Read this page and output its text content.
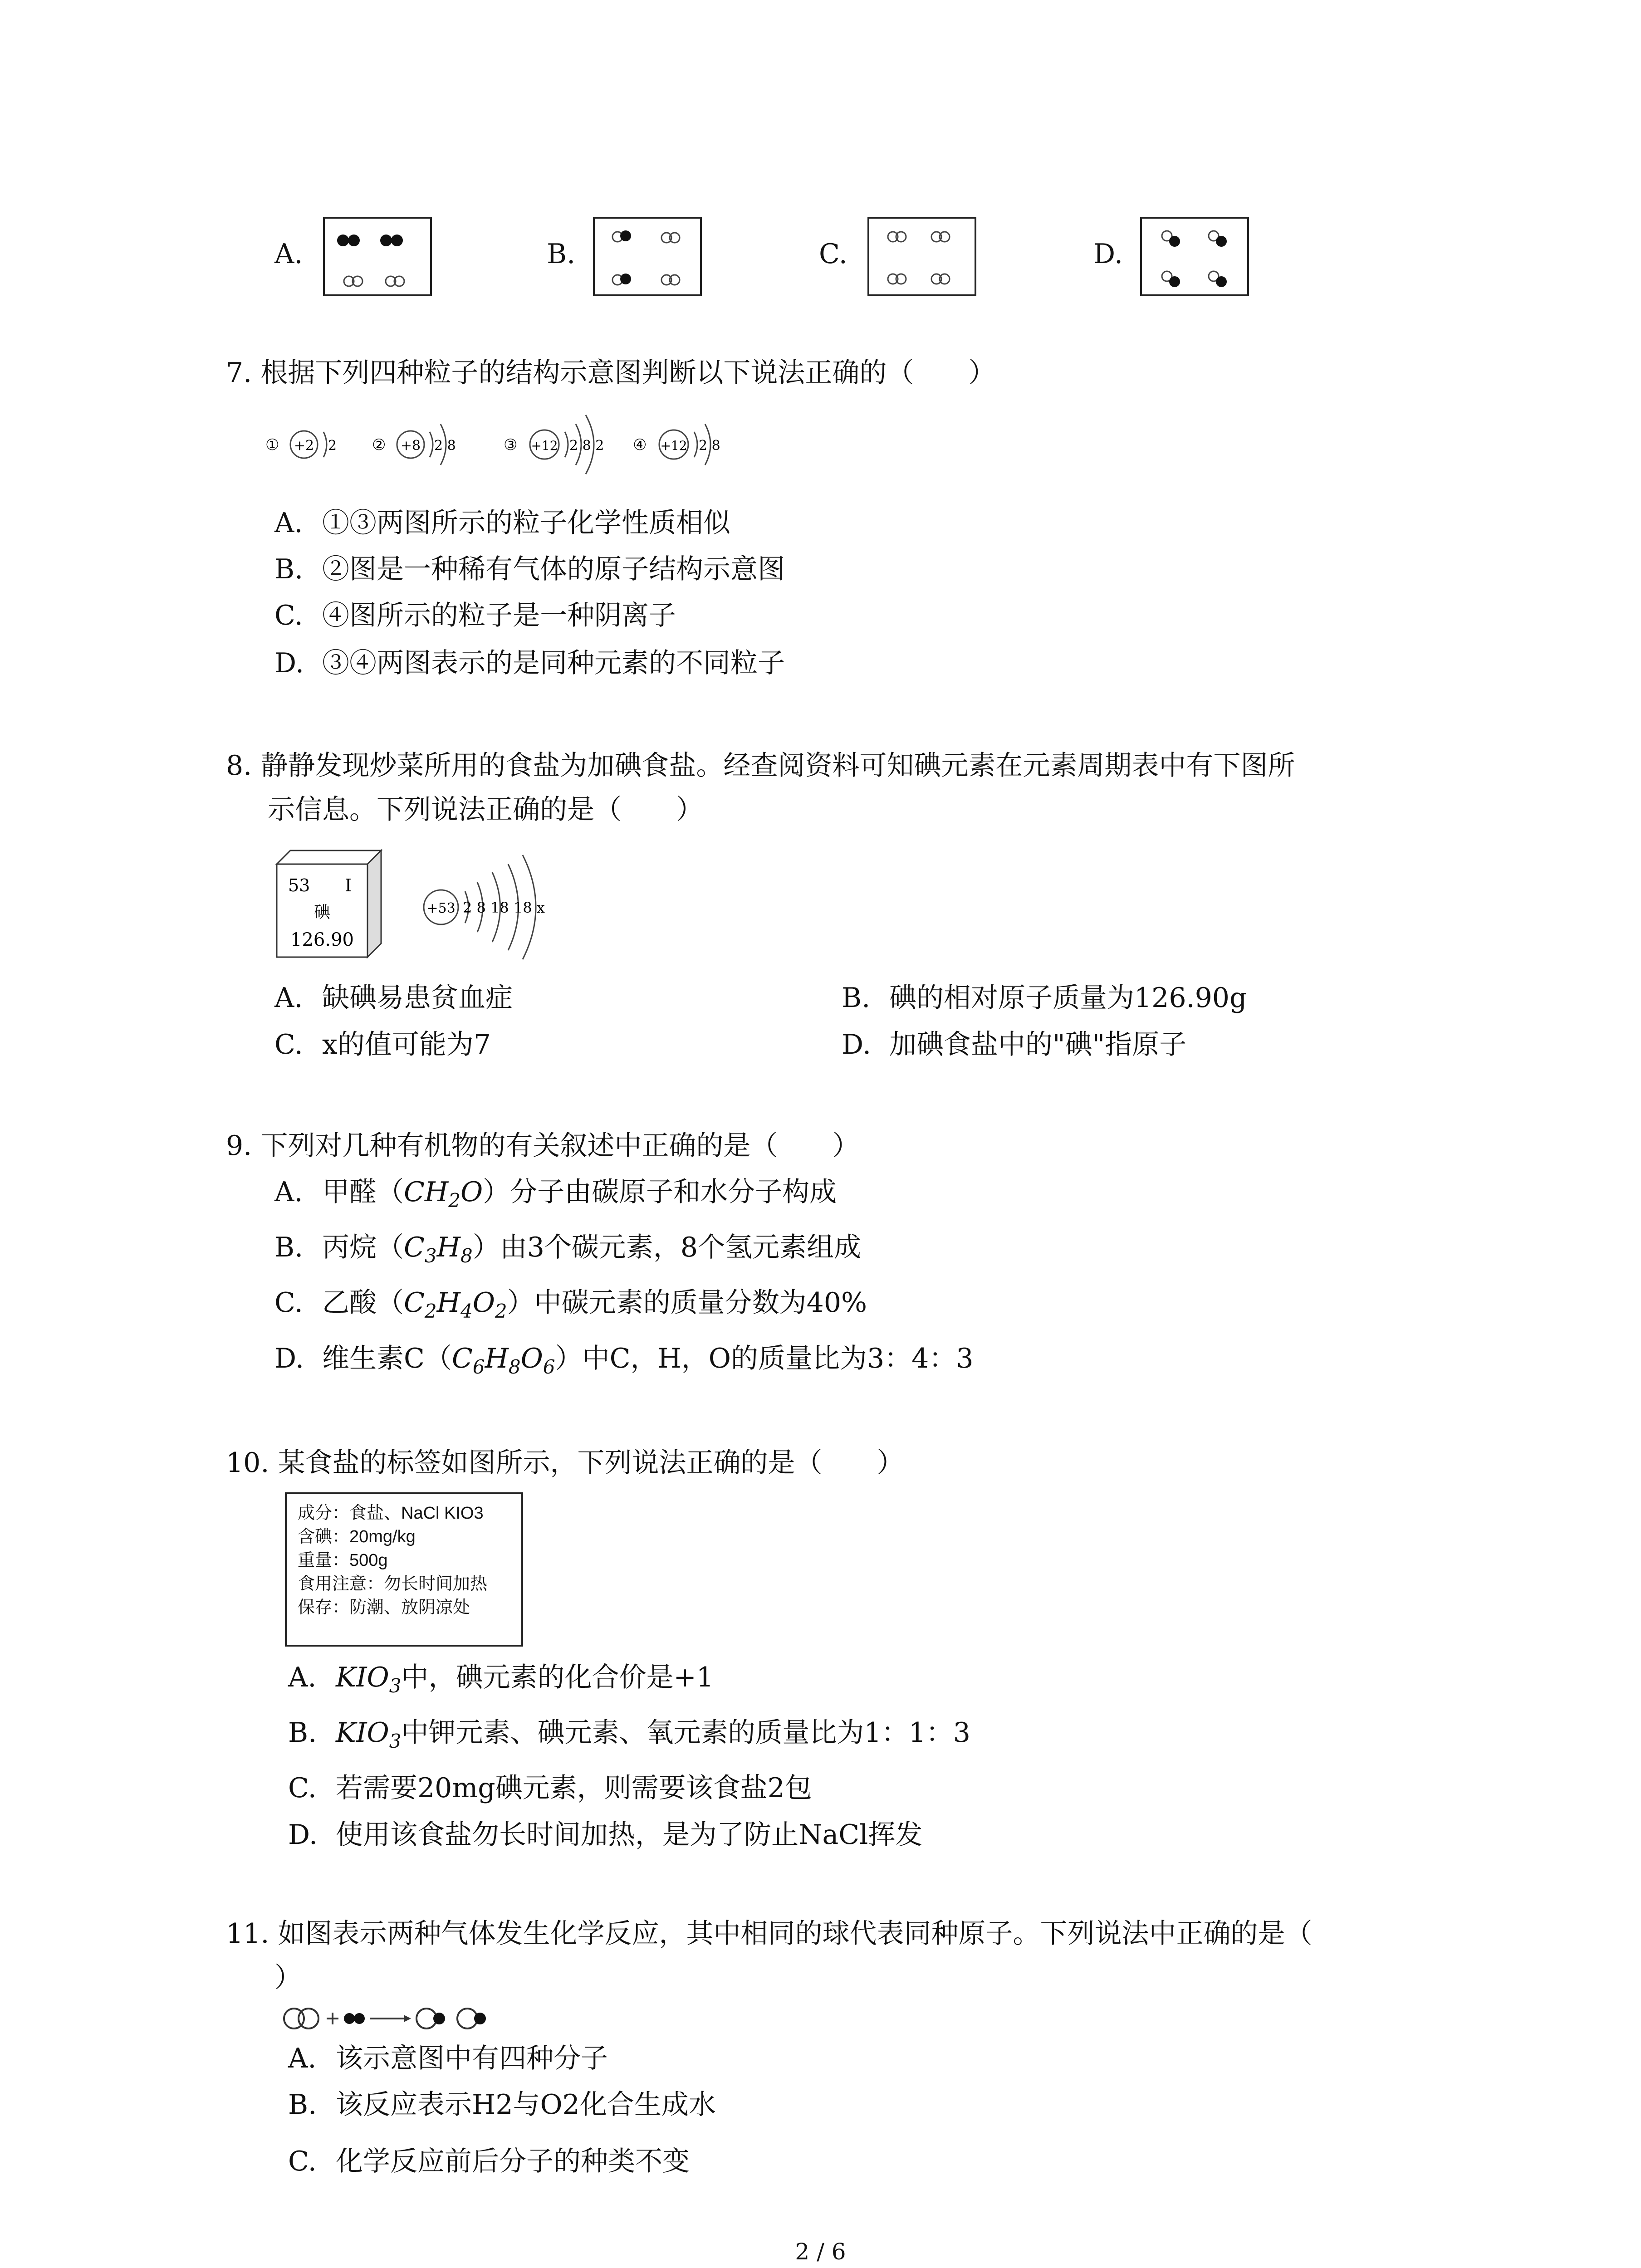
A.	B.	C.	D.
7. 根据下列四种粒子的结构示意图判断以下说法正确的（　　）
① +2 2 ② +8 2 8	③ +12 2 8 2 ④ +12 2 8
A. ①③两图所示的粒子化学性质相似
B. ②图是一种稀有气体的原子结构示意图
C. ④图所示的粒子是一种阴离子
D. ③④两图表示的是同种元素的不同粒子
8. 静静发现炒菜所用的食盐为加碘食盐。经查阅资料可知碘元素在元素周期表中有下图所
示信息。下列说法正确的是（　　）
53 I
碘
126.90
+53 2 8 18 18 x
A. 缺碘易患贫血症	B. 碘的相对原子质量为126.90g
C. x的值可能为7	D. 加碘食盐中的"碘"指原子
9. 下列对几种有机物的有关叙述中正确的是（　　）
A. 甲醛$(CH_2O)$分子由碳原子和水分子构成
B. 丙烷$(C_3H_8)$由3个碳元素，8个氢元素组成
C. 乙酸$(C_2H_4O_2)$中碳元素的质量分数为40%
D. 维生素$C(C_6H_8O_6)$中C，H，O的质量比为3：4：3
10. 某食盐的标签如图所示，下列说法正确的是（　　）
成分：食盐、NaCl KIO3
含碘：20mg/kg
重量：500g
食用注意：勿长时间加热
保存：防潮、放阴凉处
A. $KIO_3$中，碘元素的化合价是+1
B. $KIO_3$中钾元素、碘元素、氧元素的质量比为1：1：3
C. 若需要20mg碘元素，则需要该食盐2包
D. 使用该食盐勿长时间加热，是为了防止NaCl挥发
11. 如图表示两种气体发生化学反应，其中相同的球代表同种原子。下列说法中正确的是（
）
A. 该示意图中有四种分子
B. 该反应表示H2与O2化合生成水
C. 化学反应前后分子的种类不变
2 / 6
